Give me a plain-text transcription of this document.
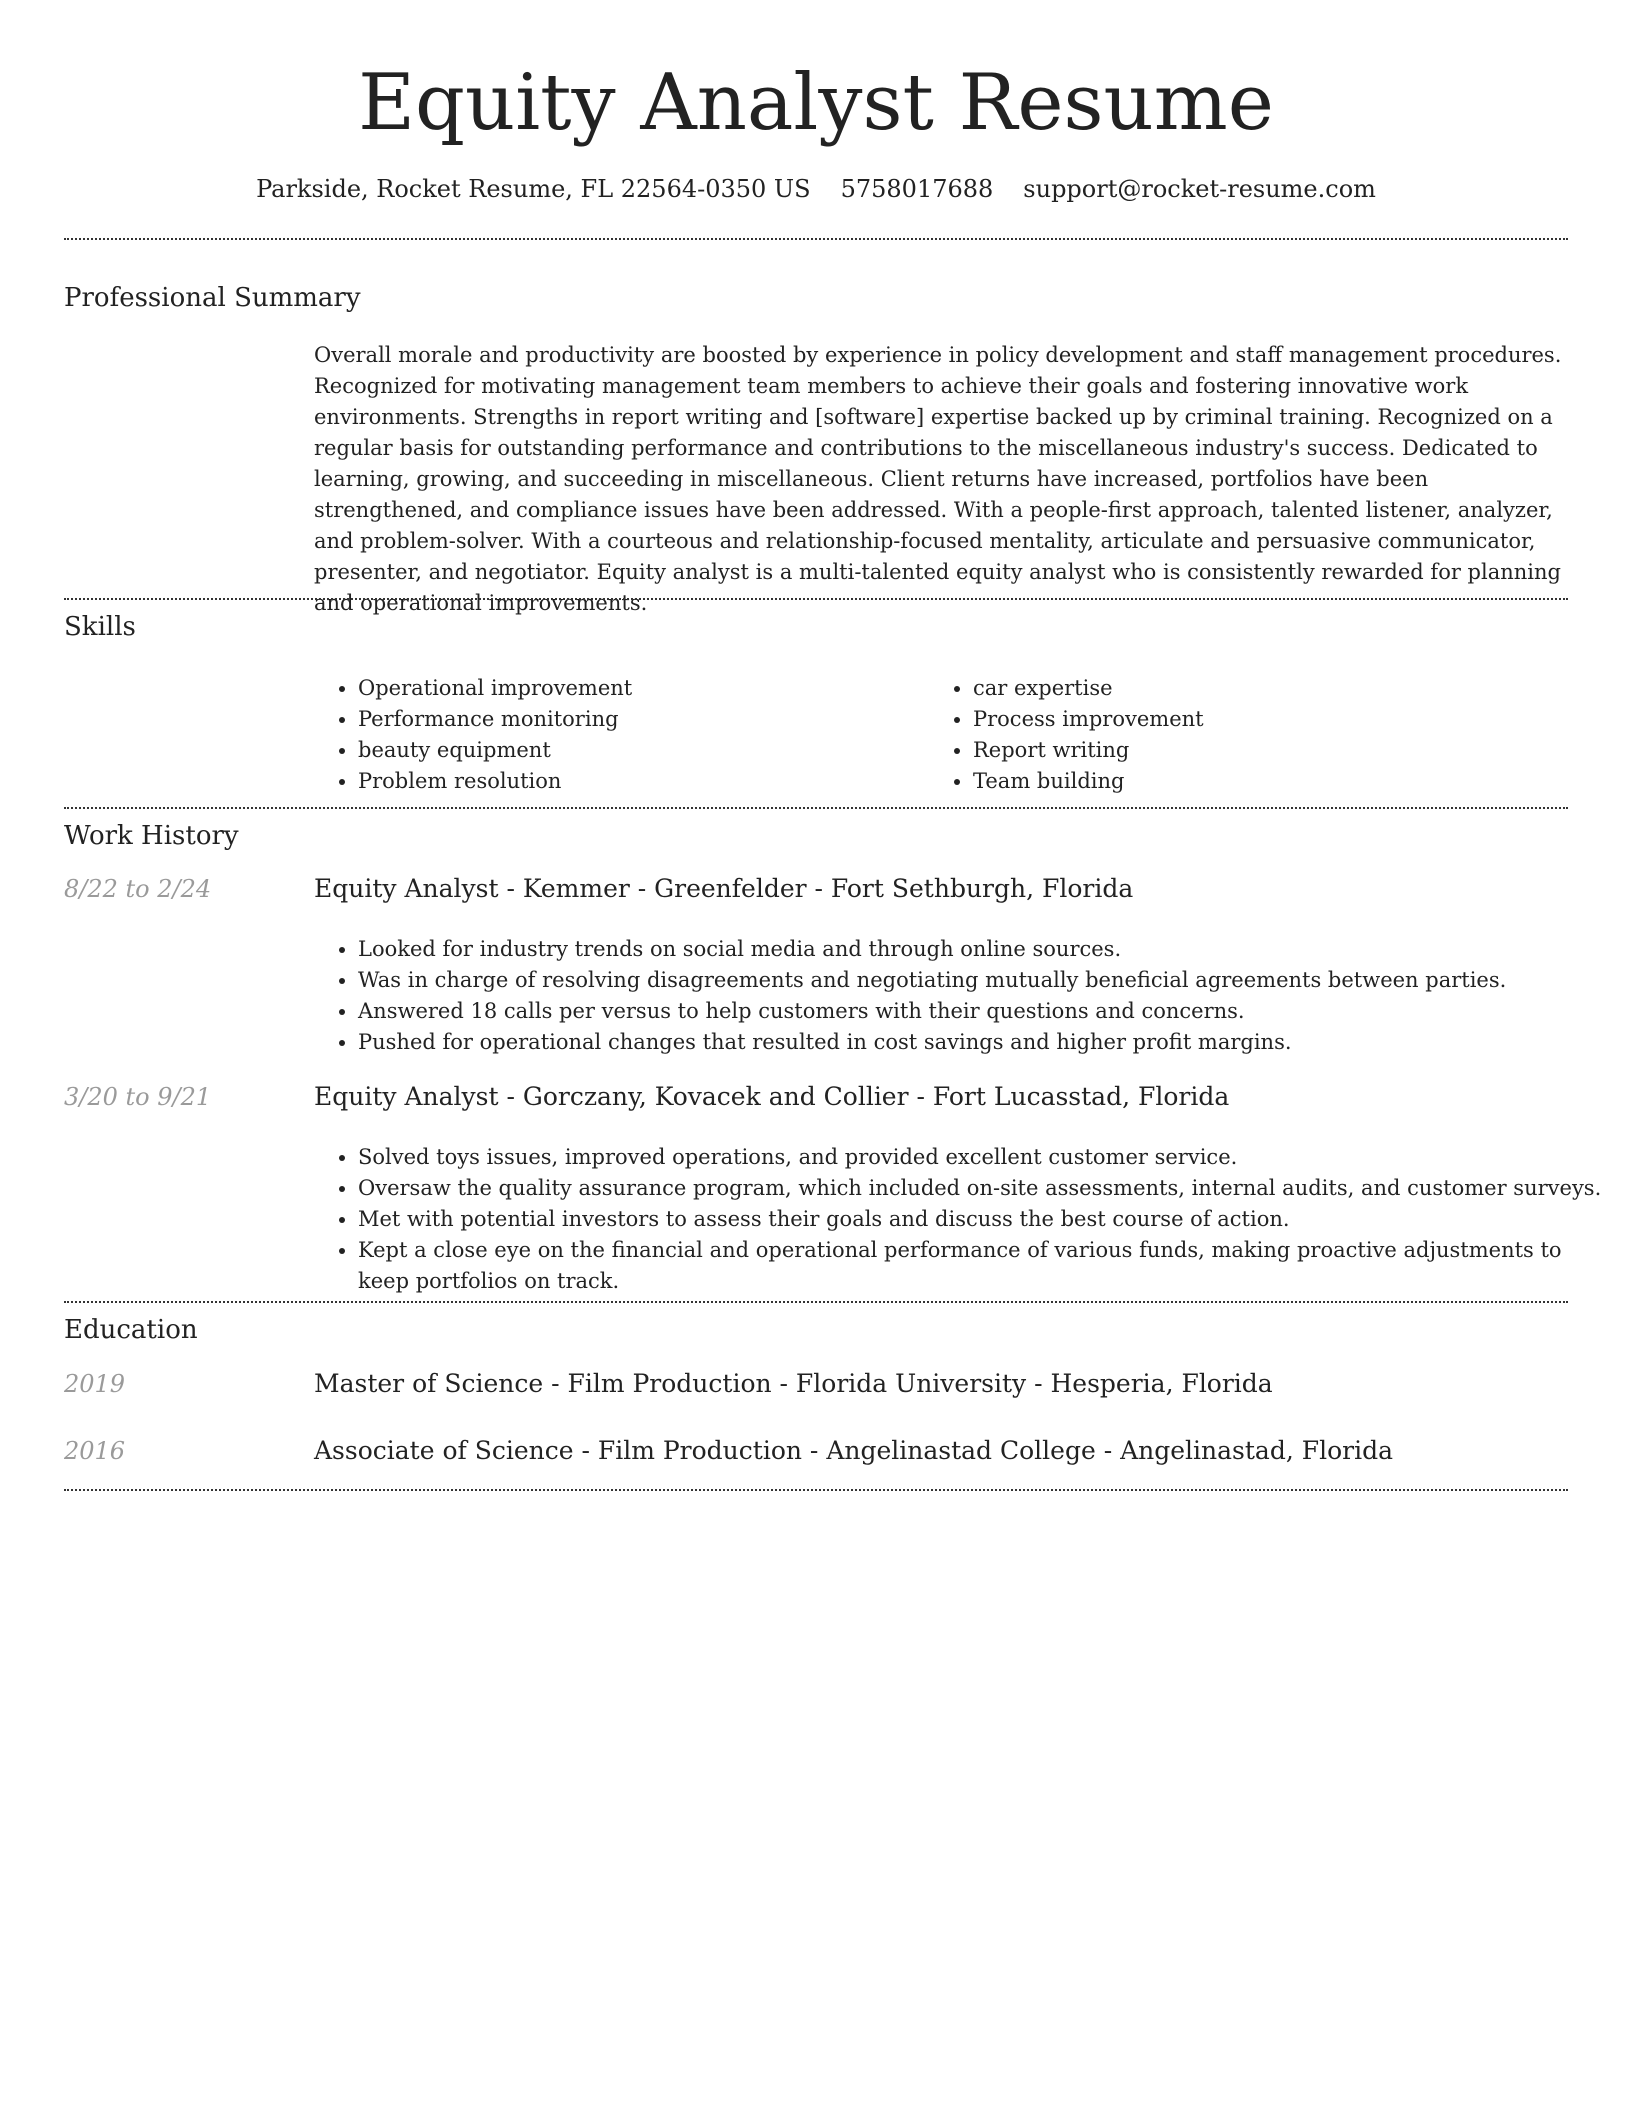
Equity Analyst Resume
Parkside, Rocket Resume, FL 22564-0350 US 5758017688 support@rocket-resume.com
Professional Summary

Overall morale and productivity are boosted by experience in policy development and staff management procedures. Recognized for motivating management team members to achieve their goals and fostering innovative work environments. Strengths in report writing and [software] expertise backed up by criminal training. Recognized on a regular basis for outstanding performance and contributions to the miscellaneous industry's success. Dedicated to learning, growing, and succeeding in miscellaneous. Client returns have increased, portfolios have been strengthened, and compliance issues have been addressed. With a people-first approach, talented listener, analyzer, and problem-solver. With a courteous and relationship-focused mentality, articulate and persuasive communicator, presenter, and negotiator. Equity analyst is a multi-talented equity analyst who is consistently rewarded for planning and operational improvements.

Skills
• Operational improvement
• Performance monitoring
• beauty equipment
• Problem resolution
• car expertise
• Process improvement
• Report writing
• Team building
Work History
8/22 to 2/24	Equity Analyst - Kemmer - Greenfelder - Fort Sethburgh, Florida
• Looked for industry trends on social media and through online sources.
• Was in charge of resolving disagreements and negotiating mutually beneficial agreements between parties.
• Answered 18 calls per versus to help customers with their questions and concerns.
• Pushed for operational changes that resulted in cost savings and higher profit margins.
3/20 to 9/21	Equity Analyst - Gorczany, Kovacek and Collier - Fort Lucasstad, Florida
• Solved toys issues, improved operations, and provided excellent customer service.
• Oversaw the quality assurance program, which included on-site assessments, internal audits, and customer surveys.
• Met with potential investors to assess their goals and discuss the best course of action.
• Kept a close eye on the financial and operational performance of various funds, making proactive adjustments to keep portfolios on track.
Education
2019	Master of Science - Film Production - Florida University - Hesperia, Florida
2016	Associate of Science - Film Production - Angelinastad College - Angelinastad, Florida
